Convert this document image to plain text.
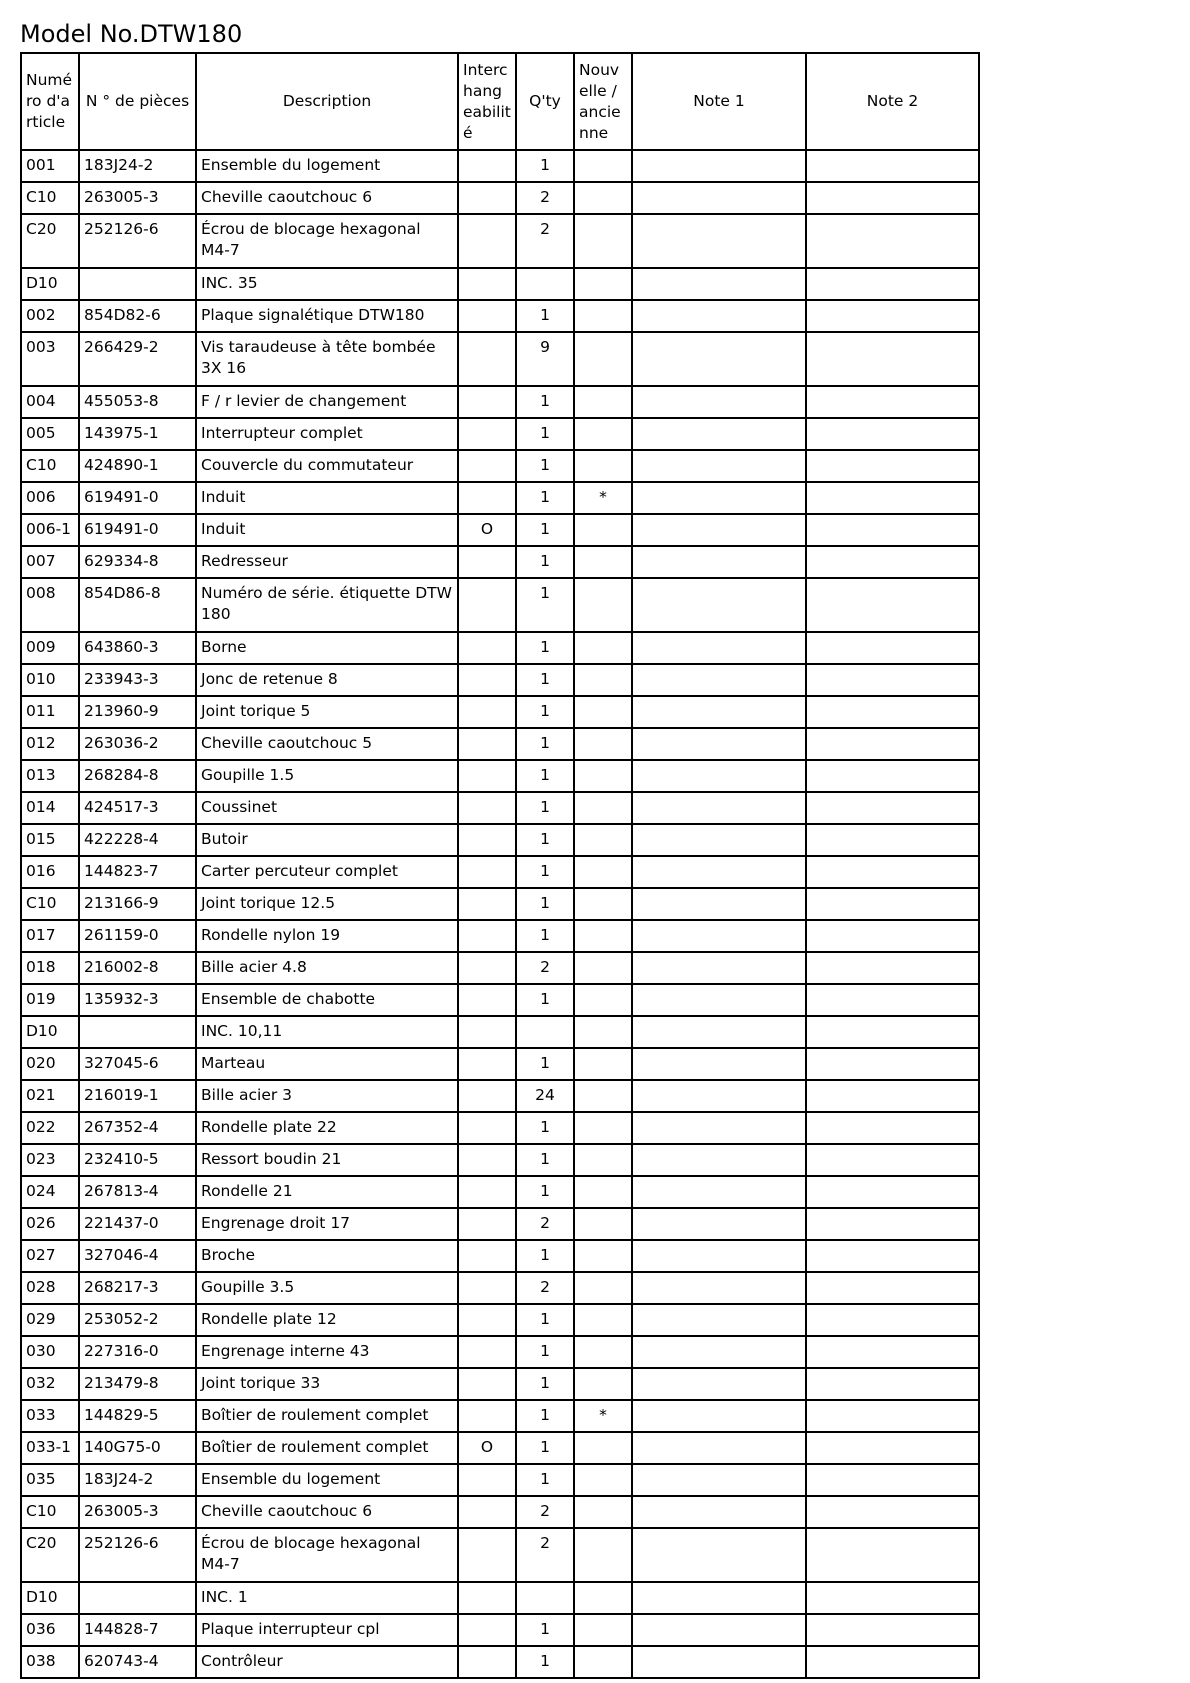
Model No.DTW180
Numé ro d'a rticle	N ° de pièces	Description	Interc hang eabilit é	Q'ty	Nouv elle / ancie nne	Note 1	Note 2
001	183J24-2	Ensemble du logement		1			
C10	263005-3	Cheville caoutchouc 6		2			
C20	252126-6	Écrou de blocage hexagonal M4-7		2			
D10		INC. 35					
002	854D82-6	Plaque signalétique DTW180		1			
003	266429-2	Vis taraudeuse à tête bombée 3X 16		9			
004	455053-8	F / r levier de changement		1			
005	143975-1	Interrupteur complet		1			
C10	424890-1	Couvercle du commutateur		1			
006	619491-0	Induit		1	*		
006-1	619491-0	Induit	O	1			
007	629334-8	Redresseur		1			
008	854D86-8	Numéro de série. étiquette DTW 180		1			
009	643860-3	Borne		1			
010	233943-3	Jonc de retenue 8		1			
011	213960-9	Joint torique 5		1			
012	263036-2	Cheville caoutchouc 5		1			
013	268284-8	Goupille 1.5		1			
014	424517-3	Coussinet		1			
015	422228-4	Butoir		1			
016	144823-7	Carter percuteur complet		1			
C10	213166-9	Joint torique 12.5		1			
017	261159-0	Rondelle nylon 19		1			
018	216002-8	Bille acier 4.8		2			
019	135932-3	Ensemble de chabotte		1			
D10		INC. 10,11					
020	327045-6	Marteau		1			
021	216019-1	Bille acier 3		24			
022	267352-4	Rondelle plate 22		1			
023	232410-5	Ressort boudin 21		1			
024	267813-4	Rondelle 21		1			
026	221437-0	Engrenage droit 17		2			
027	327046-4	Broche		1			
028	268217-3	Goupille 3.5		2			
029	253052-2	Rondelle plate 12		1			
030	227316-0	Engrenage interne 43		1			
032	213479-8	Joint torique 33		1			
033	144829-5	Boîtier de roulement complet		1	*		
033-1	140G75-0	Boîtier de roulement complet	O	1			
035	183J24-2	Ensemble du logement		1			
C10	263005-3	Cheville caoutchouc 6		2			
C20	252126-6	Écrou de blocage hexagonal M4-7		2			
D10		INC. 1					
036	144828-7	Plaque interrupteur cpl		1			
038	620743-4	Contrôleur		1			
